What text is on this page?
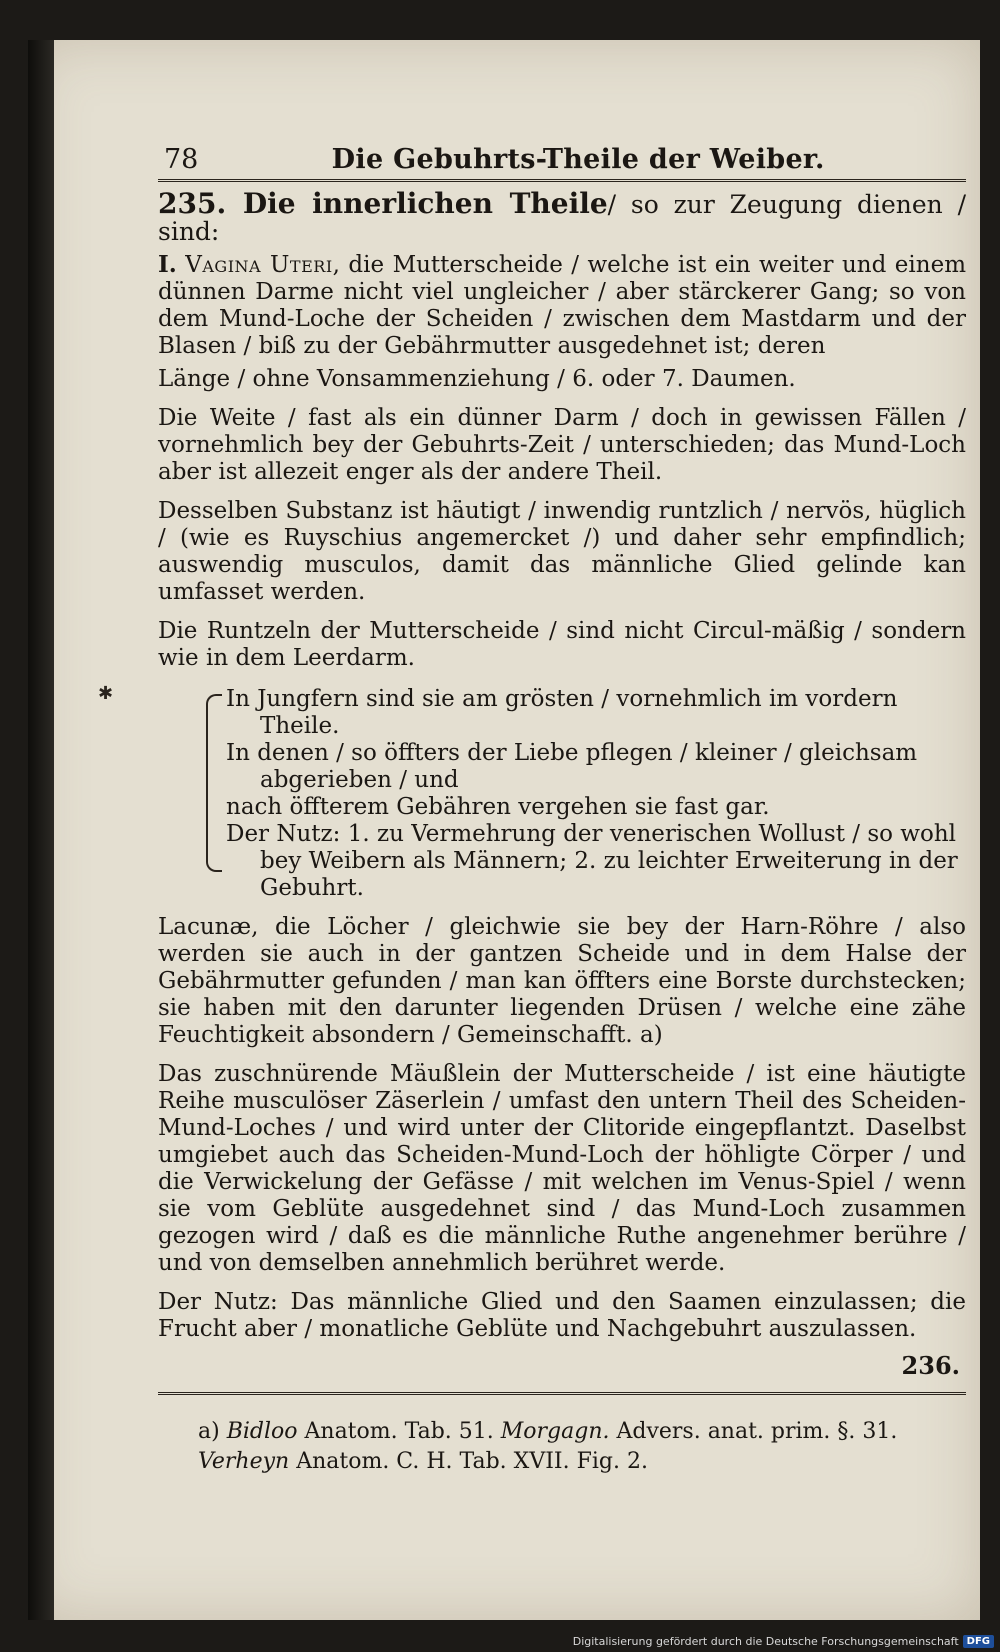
✱
78	Die Gebuhrts-Theile der Weiber.

235. Die innerlichen Theile/ so zur Zeugung dienen / sind:

I. Vagina Uteri, die Mutterscheide / welche ist ein weiter und einem dünnen Darme nicht viel ungleicher / aber stärckerer Gang; so von dem Mund-Loche der Scheiden / zwischen dem Mastdarm und der Blasen / biß zu der Gebährmutter ausgedehnet ist; deren

Länge / ohne Vonsammenziehung / 6. oder 7. Daumen.

Die Weite / fast als ein dünner Darm / doch in gewissen Fällen / vornehmlich bey der Gebuhrts-Zeit / unterschieden; das Mund-Loch aber ist allezeit enger als der andere Theil.

Desselben Substanz ist häutigt / inwendig runtzlich / nervös, hüglich / (wie es Ruyschius angemercket /) und daher sehr empfindlich; auswendig musculos, damit das männliche Glied gelinde kan umfasset werden.

Die Runtzeln der Mutterscheide / sind nicht Circul-mäßig / sondern wie in dem Leerdarm.

In Jungfern sind sie am grösten / vornehmlich im vordern

Theile.

In denen / so öffters der Liebe pflegen / kleiner / gleichsam

abgerieben / und

nach öffterem Gebähren vergehen sie fast gar.

Der Nutz: 1. zu Vermehrung der venerischen Wollust / so wohl

bey Weibern als Männern; 2. zu leichter Erweiterung in der

Gebuhrt.

Lacunæ, die Löcher / gleichwie sie bey der Harn-Röhre / also werden sie auch in der gantzen Scheide und in dem Halse der Gebährmutter gefunden / man kan öffters eine Borste durchstecken; sie haben mit den darunter liegenden Drüsen / welche eine zähe Feuchtigkeit absondern / Gemeinschafft. a)

Das zuschnürende Mäußlein der Mutterscheide / ist eine häutigte Reihe musculöser Zäserlein / umfast den untern Theil des Scheiden-Mund-Loches / und wird unter der Clitoride eingepflantzt. Daselbst umgiebet auch das Scheiden-Mund-Loch der höhligte Cörper / und die Verwickelung der Gefässe / mit welchen im Venus-Spiel / wenn sie vom Geblüte ausgedehnet sind / das Mund-Loch zusammen gezogen wird / daß es die männliche Ruthe angenehmer berühre / und von demselben annehmlich berühret werde.

Der Nutz: Das männliche Glied und den Saamen einzulassen; die Frucht aber / monatliche Geblüte und Nachgebuhrt auszulassen.

236.
a) Bidloo Anatom. Tab. 51. Morgagn. Advers. anat. prim. §. 31.
Verheyn Anatom. C. H. Tab. XVII. Fig. 2.
Digitalisierung gefördert durch die Deutsche Forschungsgemeinschaft DFG
